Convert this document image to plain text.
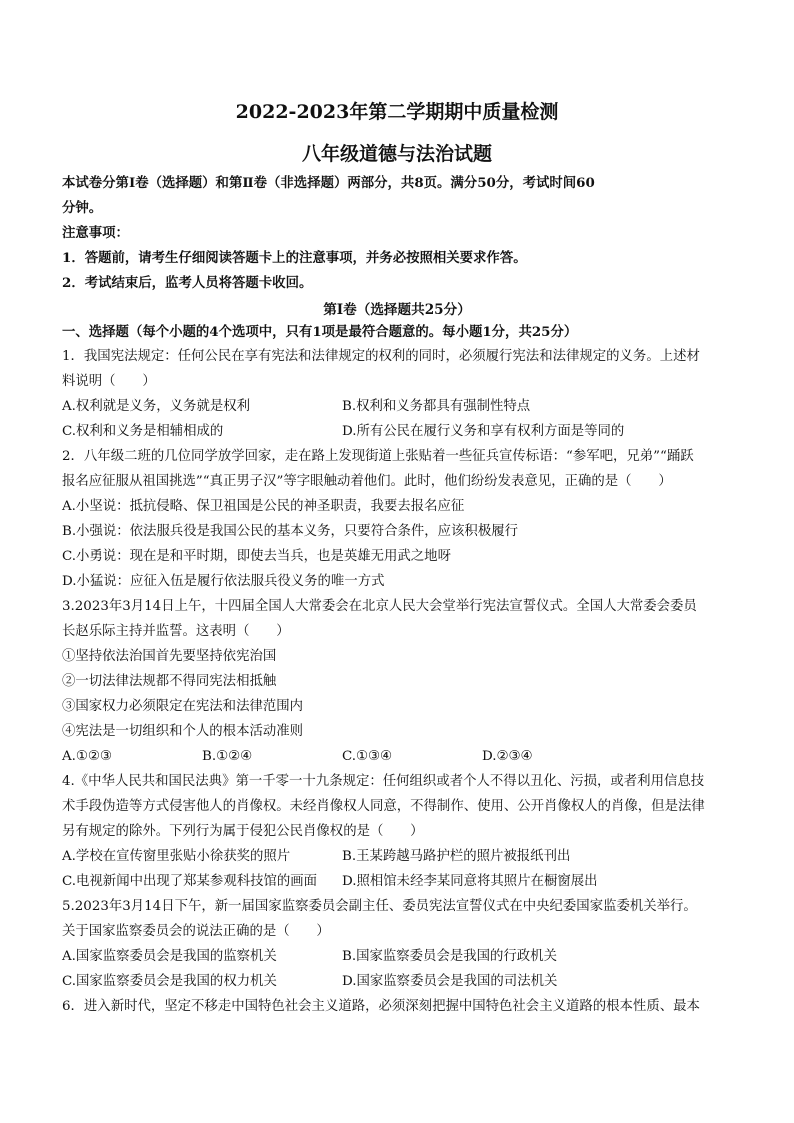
2022-2023年第二学期期中质量检测
八年级道德与法治试题
本试卷分第Ⅰ卷（选择题）和第Ⅱ卷（非选择题）两部分，共8页。满分50分，考试时间60
分钟。
注意事项：
1．答题前，请考生仔细阅读答题卡上的注意事项，并务必按照相关要求作答。
2．考试结束后，监考人员将答题卡收回。
第Ⅰ卷（选择题共25分）
一、选择题（每个小题的4个选项中，只有1项是最符合题意的。每小题1分，共25分）
1．我国宪法规定：任何公民在享有宪法和法律规定的权利的同时，必须履行宪法和法律规定的义务。上述材
料说明（　　）
A.权利就是义务，义务就是权利	B.权利和义务都具有强制性特点
C.权利和义务是相辅相成的	D.所有公民在履行义务和享有权利方面是等同的
2．八年级二班的几位同学放学回家，走在路上发现街道上张贴着一些征兵宣传标语：“参军吧，兄弟”“踊跃
报名应征服从祖国挑选”“真正男子汉”等字眼触动着他们。此时，他们纷纷发表意见，正确的是（　　）
A.小坚说：抵抗侵略、保卫祖国是公民的神圣职责，我要去报名应征
B.小强说：依法服兵役是我国公民的基本义务，只要符合条件，应该积极履行
C.小勇说：现在是和平时期，即使去当兵，也是英雄无用武之地呀
D.小猛说：应征入伍是履行依法服兵役义务的唯一方式
3.2023年3月14日上午，十四届全国人大常委会在北京人民大会堂举行宪法宣誓仪式。全国人大常委会委员
长赵乐际主持并监誓。这表明（　　）
①坚持依法治国首先要坚持依宪治国
②一切法律法规都不得同宪法相抵触
③国家权力必须限定在宪法和法律范围内
④宪法是一切组织和个人的根本活动准则
A.①②③	B.①②④	C.①③④	D.②③④
4.《中华人民共和国民法典》第一千零一十九条规定：任何组织或者个人不得以丑化、污损，或者利用信息技
术手段伪造等方式侵害他人的肖像权。未经肖像权人同意，不得制作、使用、公开肖像权人的肖像，但是法律
另有规定的除外。下列行为属于侵犯公民肖像权的是（　　）
A.学校在宣传窗里张贴小徐获奖的照片	B.王某跨越马路护栏的照片被报纸刊出
C.电视新闻中出现了郑某参观科技馆的画面 D.照相馆未经李某同意将其照片在橱窗展出
5.2023年3月14日下午，新一届国家监察委员会副主任、委员宪法宣誓仪式在中央纪委国家监委机关举行。
关于国家监察委员会的说法正确的是（　　）
A.国家监察委员会是我国的监察机关	B.国家监察委员会是我国的行政机关
C.国家监察委员会是我国的权力机关	D.国家监察委员会是我国的司法机关
6．进入新时代，坚定不移走中国特色社会主义道路，必须深刻把握中国特色社会主义道路的根本性质、最本
